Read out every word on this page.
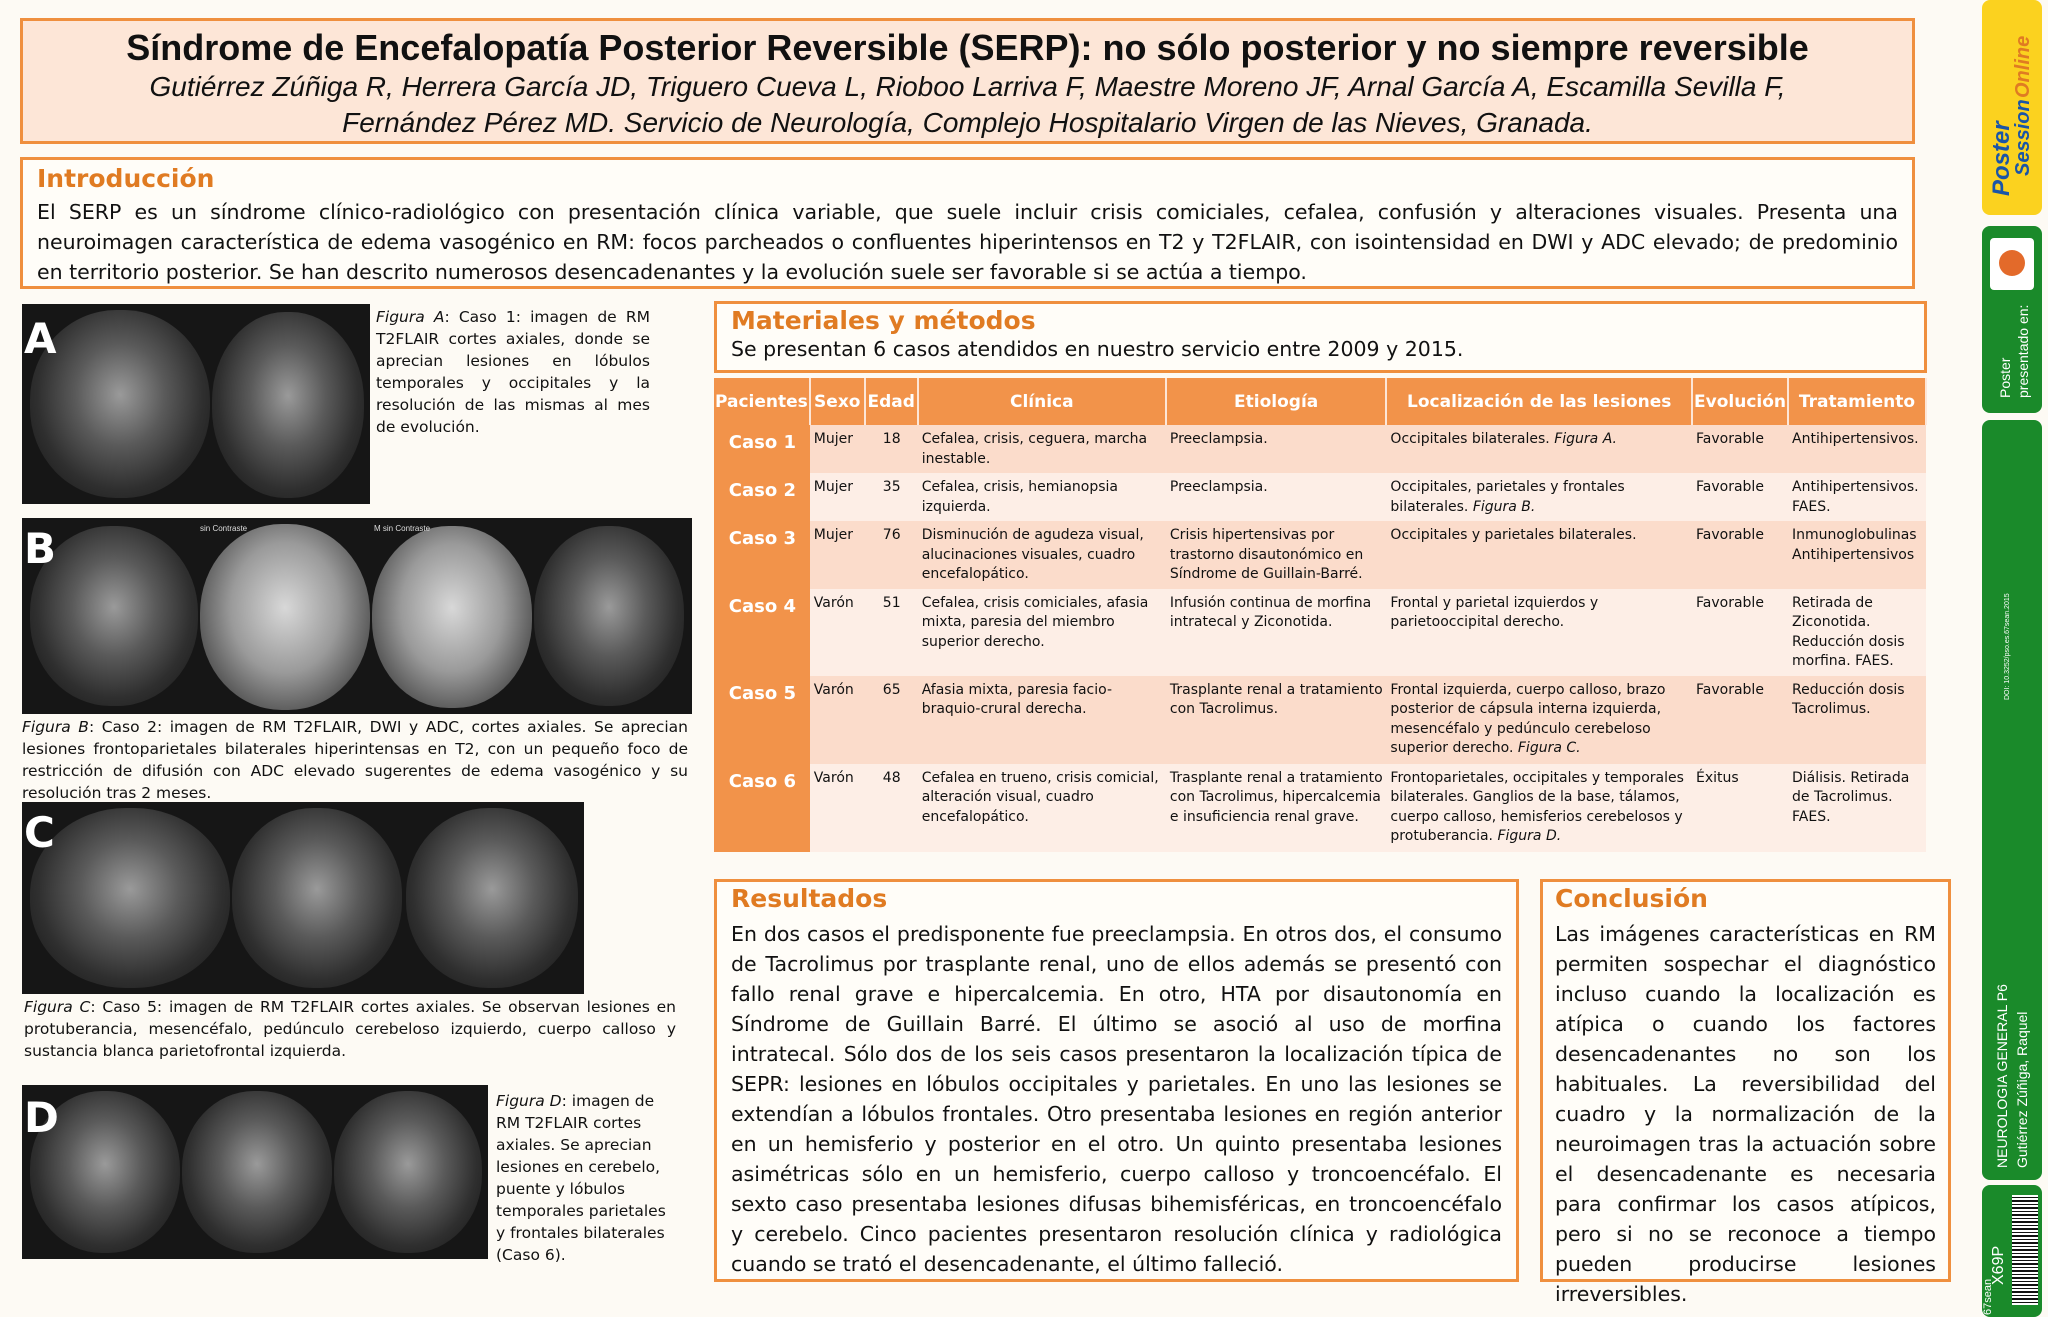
Síndrome de Encefalopatía Posterior Reversible (SERP): no sólo posterior y no siempre reversible
Gutiérrez Zúñiga R, Herrera García JD, Triguero Cueva L, Rioboo Larriva F, Maestre Moreno JF, Arnal García A, Escamilla Sevilla F,
Fernández Pérez MD. Servicio de Neurología, Complejo Hospitalario Virgen de las Nieves, Granada.
Introducción

El SERP es un síndrome clínico-radiológico con presentación clínica variable, que suele incluir crisis comiciales, cefalea, confusión y alteraciones visuales. Presenta una neuroimagen característica de edema vasogénico en RM: focos parcheados o confluentes hiperintensos en T2 y T2FLAIR, con isointensidad en DWI y ADC elevado; de predominio en territorio posterior. Se han descrito numerosos desencadenantes y la evolución suele ser favorable si se actúa a tiempo.

A	Figura A: Caso 1: imagen de RM T2FLAIR cortes axiales, donde se aprecian lesiones en lóbulos temporales y occipitales y la resolución de las mismas al mes de evolución.
sin Contraste	M sin Contraste
B
Figura B: Caso 2: imagen de RM T2FLAIR, DWI y ADC, cortes axiales. Se aprecian lesiones frontoparietales bilaterales hiperintensas en T2, con un pequeño foco de restricción de difusión con ADC elevado sugerentes de edema vasogénico y su resolución tras 2 meses.
C
Figura C: Caso 5: imagen de RM T2FLAIR cortes axiales. Se observan lesiones en protuberancia, mesencéfalo, pedúnculo cerebeloso izquierdo, cuerpo calloso y sustancia blanca parietofrontal izquierda.
D	Figura D: imagen de RM T2FLAIR cortes axiales. Se aprecian lesiones en cerebelo, puente y lóbulos temporales parietales y frontales bilaterales (Caso 6).
Materiales y métodos

Se presentan 6 casos atendidos en nuestro servicio entre 2009 y 2015.

Pacientes	Sexo	Edad	Clínica	Etiología	Localización de las lesiones	Evolución	Tratamiento
Caso 1	Mujer	18	Cefalea, crisis, ceguera, marcha inestable.	Preeclampsia.	Occipitales bilaterales. Figura A.	Favorable	Antihipertensivos.
Caso 2	Mujer	35	Cefalea, crisis, hemianopsia izquierda.	Preeclampsia.	Occipitales, parietales y frontales bilaterales. Figura B.	Favorable	Antihipertensivos. FAES.
Caso 3	Mujer	76	Disminución de agudeza visual, alucinaciones visuales, cuadro encefalopático.	Crisis hipertensivas por trastorno disautonómico en Síndrome de Guillain-Barré.	Occipitales y parietales bilaterales.	Favorable	Inmunoglobulinas Antihipertensivos
Caso 4	Varón	51	Cefalea, crisis comiciales, afasia mixta, paresia del miembro superior derecho.	Infusión continua de morfina intratecal y Ziconotida.	Frontal y parietal izquierdos y parietooccipital derecho.	Favorable	Retirada de Ziconotida. Reducción dosis morfina. FAES.
Caso 5	Varón	65	Afasia mixta, paresia facio-braquio-crural derecha.	Trasplante renal a tratamiento con Tacrolimus.	Frontal izquierda, cuerpo calloso, brazo posterior de cápsula interna izquierda, mesencéfalo y pedúnculo cerebeloso superior derecho. Figura C.	Favorable	Reducción dosis Tacrolimus.
Caso 6	Varón	48	Cefalea en trueno, crisis comicial, alteración visual, cuadro encefalopático.	Trasplante renal a tratamiento con Tacrolimus, hipercalcemia e insuficiencia renal grave.	Frontoparietales, occipitales y temporales bilaterales. Ganglios de la base, tálamos, cuerpo calloso, hemisferios cerebelosos y protuberancia. Figura D.	Éxitus	Diálisis. Retirada de Tacrolimus. FAES.
Resultados

En dos casos el predisponente fue preeclampsia. En otros dos, el consumo de Tacrolimus por trasplante renal, uno de ellos además se presentó con fallo renal grave e hipercalcemia. En otro, HTA por disautonomía en Síndrome de Guillain Barré. El último se asoció al uso de morfina intratecal. Sólo dos de los seis casos presentaron la localización típica de SEPR: lesiones en lóbulos occipitales y parietales. En uno las lesiones se extendían a lóbulos frontales. Otro presentaba lesiones en región anterior en un hemisferio y posterior en el otro. Un quinto presentaba lesiones asimétricas sólo en un hemisferio, cuerpo calloso y troncoencéfalo. El sexto caso presentaba lesiones difusas bihemisféricas, en troncoencéfalo y cerebelo. Cinco pacientes presentaron resolución clínica y radiológica cuando se trató el desencadenante, el último falleció.

Conclusión

Las imágenes características en RM permiten sospechar el diagnóstico incluso cuando la localización es atípica o cuando los factores desencadenantes no son los habituales. La reversibilidad del cuadro y la normalización de la neuroimagen tras la actuación sobre el desencadenante es necesaria para confirmar los casos atípicos, pero si no se reconoce a tiempo pueden producirse lesiones irreversibles.

Poster
Session
Online
Poster presentado en:
DOI: 10.3252/pso.es.67sean.2015
NEUROLOGIA GENERAL P6 Gutiérrez Zúñiga, Raquel
X69P
67sean
